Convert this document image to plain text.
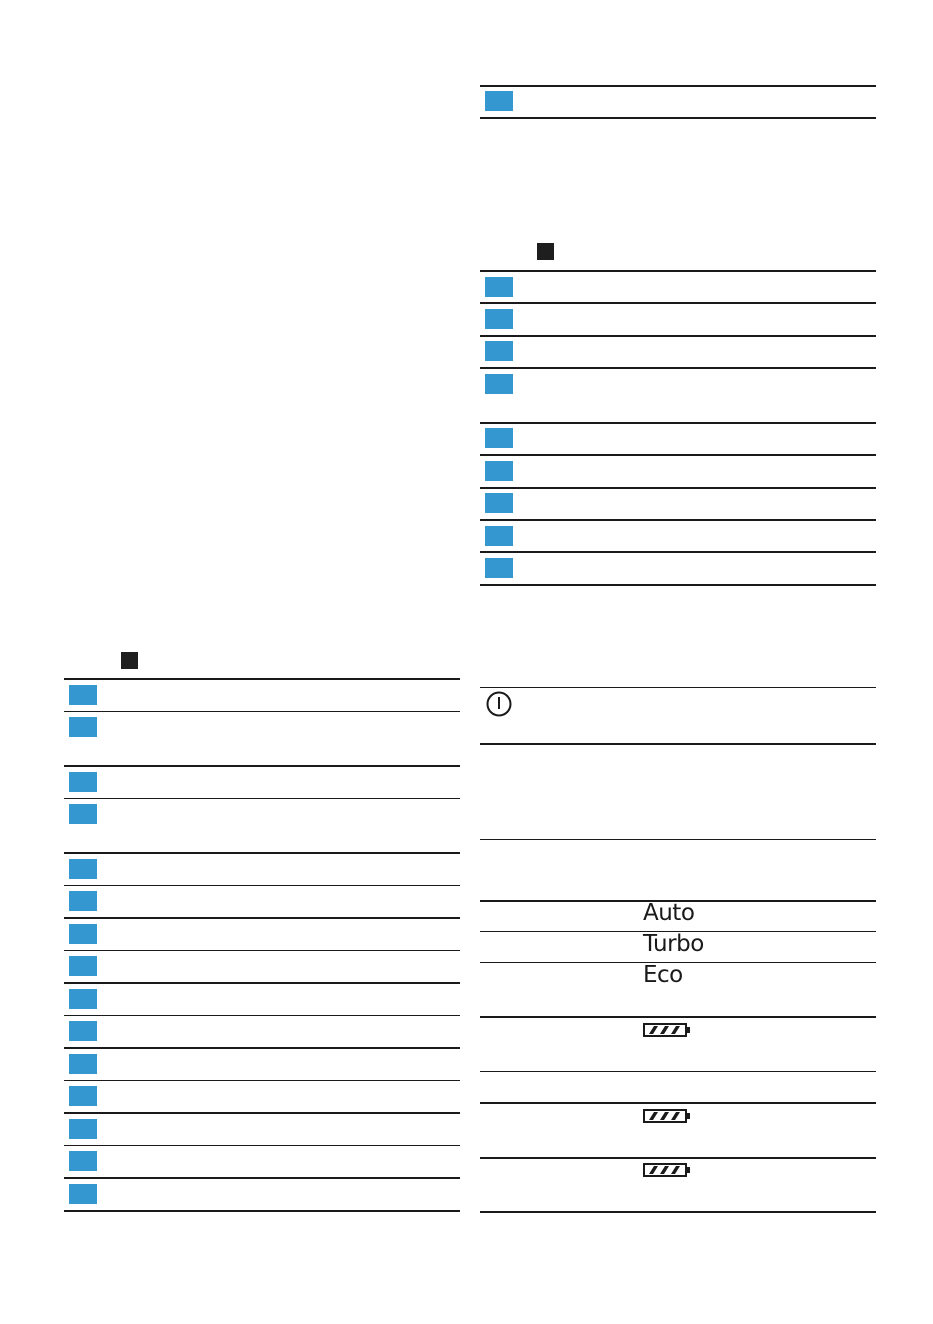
Auto
Turbo
Eco
